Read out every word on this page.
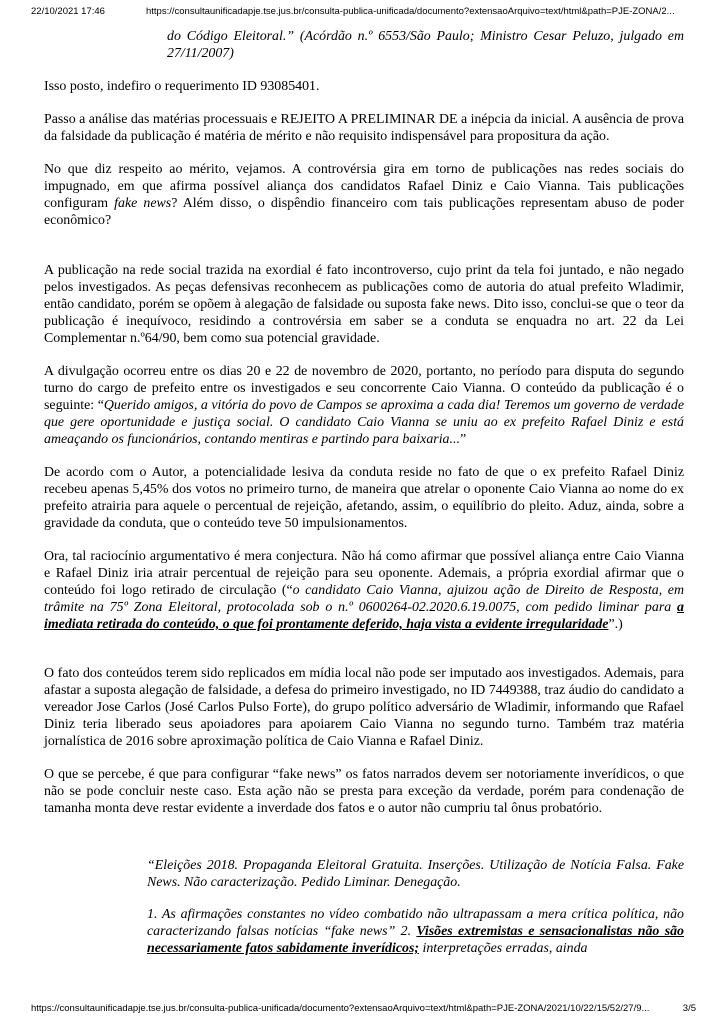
22/10/2021 17:46	https://consultaunificadapje.tse.jus.br/consulta-publica-unificada/documento?extensaoArquivo=text/html&path=PJE-ZONA/2...

do Código Eleitoral.” (Acórdão n.º 6553/São Paulo; Ministro Cesar Peluzo, julgado em 27/11/2007)

Isso posto, indefiro o requerimento ID 93085401.

Passo a análise das matérias processuais e REJEITO A PRELIMINAR DE a inépcia da inicial. A ausência de prova da falsidade da publicação é matéria de mérito e não requisito indispensável para propositura da ação.

No que diz respeito ao mérito, vejamos. A controvérsia gira em torno de publicações nas redes sociais do impugnado, em que afirma possível aliança dos candidatos Rafael Diniz e Caio Vianna. Tais publicações configuram fake news? Além disso, o dispêndio financeiro com tais publicações representam abuso de poder econômico?

A publicação na rede social trazida na exordial é fato incontroverso, cujo print da tela foi juntado, e não negado pelos investigados. As peças defensivas reconhecem as publicações como de autoria do atual prefeito Wladimir, então candidato, porém se opõem à alegação de falsidade ou suposta fake news. Dito isso, conclui-se que o teor da publicação é inequívoco, residindo a controvérsia em saber se a conduta se enquadra no art. 22 da Lei Complementar n.º64/90, bem como sua potencial gravidade.

A divulgação ocorreu entre os dias 20 e 22 de novembro de 2020, portanto, no período para disputa do segundo turno do cargo de prefeito entre os investigados e seu concorrente Caio Vianna. O conteúdo da publicação é o seguinte: “Querido amigos, a vitória do povo de Campos se aproxima a cada dia! Teremos um governo de verdade que gere oportunidade e justiça social. O candidato Caio Vianna se uniu ao ex prefeito Rafael Diniz e está ameaçando os funcionários, contando mentiras e partindo para baixaria...”

De acordo com o Autor, a potencialidade lesiva da conduta reside no fato de que o ex prefeito Rafael Diniz recebeu apenas 5,45% dos votos no primeiro turno, de maneira que atrelar o oponente Caio Vianna ao nome do ex prefeito atrairia para aquele o percentual de rejeição, afetando, assim, o equilíbrio do pleito. Aduz, ainda, sobre a gravidade da conduta, que o conteúdo teve 50 impulsionamentos.

Ora, tal raciocínio argumentativo é mera conjectura. Não há como afirmar que possível aliança entre Caio Vianna e Rafael Diniz iria atrair percentual de rejeição para seu oponente. Ademais, a própria exordial afirmar que o conteúdo foi logo retirado de circulação (“o candidato Caio Vianna, ajuizou ação de Direito de Resposta, em trâmite na 75º Zona Eleitoral, protocolada sob o n.º 0600264-02.2020.6.19.0075, com pedido liminar para a imediata retirada do conteúdo, o que foi prontamente deferido, haja vista a evidente irregularidade”.)

O fato dos conteúdos terem sido replicados em mídia local não pode ser imputado aos investigados. Ademais, para afastar a suposta alegação de falsidade, a defesa do primeiro investigado, no ID 7449388, traz áudio do candidato a vereador Jose Carlos (José Carlos Pulso Forte), do grupo político adversário de Wladimir, informando que Rafael Diniz teria liberado seus apoiadores para apoiarem Caio Vianna no segundo turno. Também traz matéria jornalística de 2016 sobre aproximação política de Caio Vianna e Rafael Diniz.

O que se percebe, é que para configurar “fake news” os fatos narrados devem ser notoriamente inverídicos, o que não se pode concluir neste caso. Esta ação não se presta para exceção da verdade, porém para condenação de tamanha monta deve restar evidente a inverdade dos fatos e o autor não cumpriu tal ônus probatório.

“Eleições 2018. Propaganda Eleitoral Gratuita. Inserções. Utilização de Notícia Falsa. Fake News. Não caracterização. Pedido Liminar. Denegação.

1. As afirmações constantes no vídeo combatido não ultrapassam a mera crítica política, não caracterizando falsas notícias “fake news” 2. Visões extremistas e sensacionalistas não são necessariamente fatos sabidamente inverídicos; interpretações erradas, ainda

https://consultaunificadapje.tse.jus.br/consulta-publica-unificada/documento?extensaoArquivo=text/html&path=PJE-ZONA/2021/10/22/15/52/27/9...	3/5
